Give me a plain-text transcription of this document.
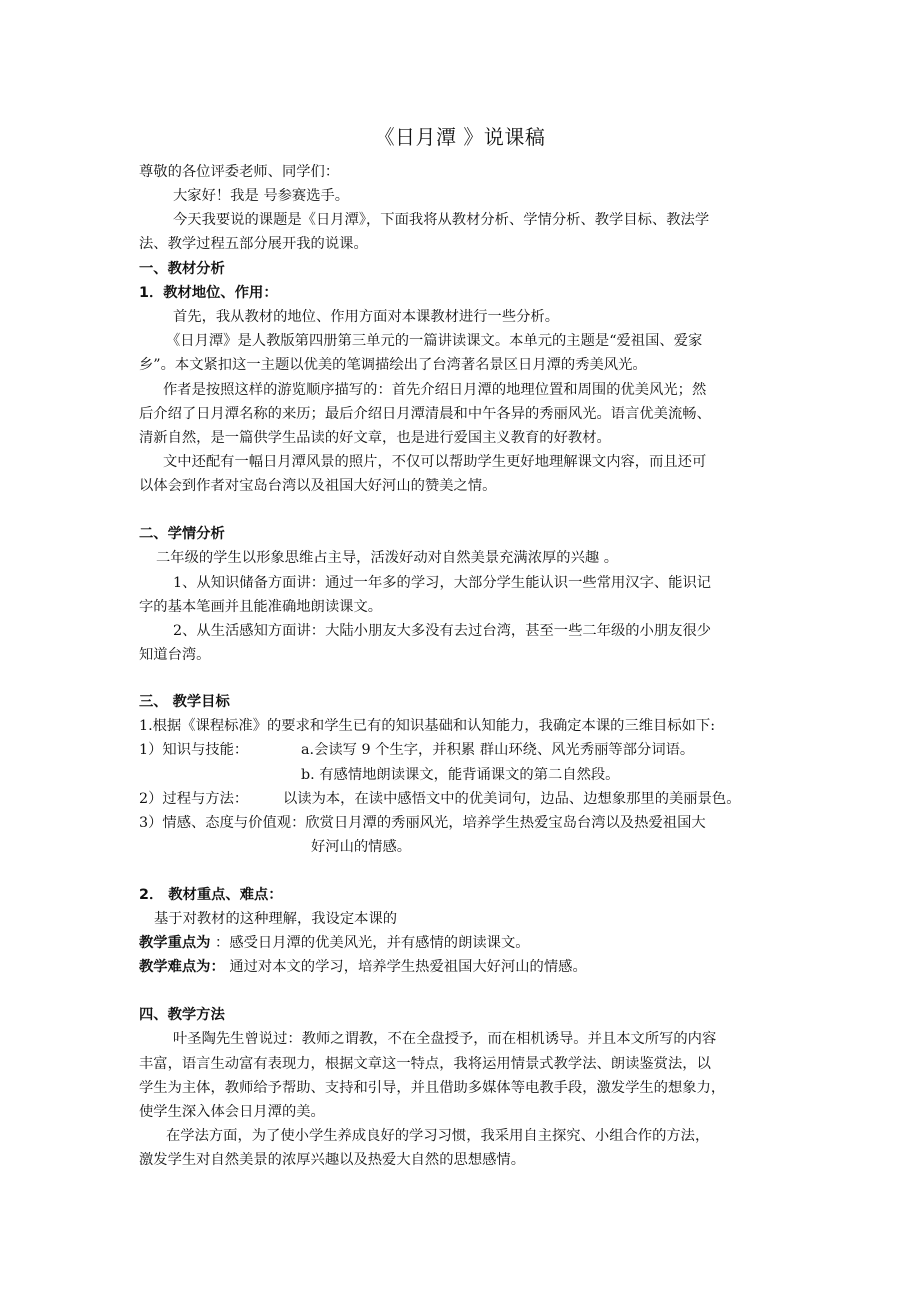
《日月潭 》说课稿
尊敬的各位评委老师、同学们：
大家好！我是 号参赛选手。
今天我要说的课题是《日月潭》，下面我将从教材分析、学情分析、教学目标、教法学
法、教学过程五部分展开我的说课。
一、教材分析
1．教材地位、作用：
首先，我从教材的地位、作用方面对本课教材进行一些分析。
《日月潭》是人教版第四册第三单元的一篇讲读课文。本单元的主题是“爱祖国、爱家
乡”。本文紧扣这一主题以优美的笔调描绘出了台湾著名景区日月潭的秀美风光。
作者是按照这样的游览顺序描写的：首先介绍日月潭的地理位置和周围的优美风光；然
后介绍了日月潭名称的来历；最后介绍日月潭清晨和中午各异的秀丽风光。语言优美流畅、
清新自然，是一篇供学生品读的好文章，也是进行爱国主义教育的好教材。
文中还配有一幅日月潭风景的照片，不仅可以帮助学生更好地理解课文内容，而且还可
以体会到作者对宝岛台湾以及祖国大好河山的赞美之情。
二、学情分析
二年级的学生以形象思维占主导，活泼好动对自然美景充满浓厚的兴趣 。
1、从知识储备方面讲：通过一年多的学习，大部分学生能认识一些常用汉字、能识记
字的基本笔画并且能准确地朗读课文。
2、从生活感知方面讲：大陆小朋友大多没有去过台湾，甚至一些二年级的小朋友很少
知道台湾。
三、 教学目标
1.根据《课程标准》的要求和学生已有的知识基础和认知能力，我确定本课的三维目标如下:
1）知识与技能：	a.会读写 9 个生字，并积累 群山环绕、风光秀丽等部分词语。
b. 有感情地朗读课文，能背诵课文的第二自然段。
2）过程与方法：	以读为本，在读中感悟文中的优美词句，边品、边想象那里的美丽景色。
3）情感、态度与价值观：欣赏日月潭的秀丽风光，培养学生热爱宝岛台湾以及热爱祖国大
好河山的情感。
2． 教材重点、难点：
基于对教材的这种理解，我设定本课的
教学重点为 ：感受日月潭的优美风光，并有感情的朗读课文。
教学难点为： 通过对本文的学习，培养学生热爱祖国大好河山的情感。
四、教学方法
叶圣陶先生曾说过：教师之谓教，不在全盘授予，而在相机诱导。并且本文所写的内容
丰富，语言生动富有表现力，根据文章这一特点，我将运用情景式教学法、朗读鉴赏法，以
学生为主体，教师给予帮助、支持和引导，并且借助多媒体等电教手段，激发学生的想象力，
使学生深入体会日月潭的美。
在学法方面，为了使小学生养成良好的学习习惯，我采用自主探究、小组合作的方法，
激发学生对自然美景的浓厚兴趣以及热爱大自然的思想感情。
